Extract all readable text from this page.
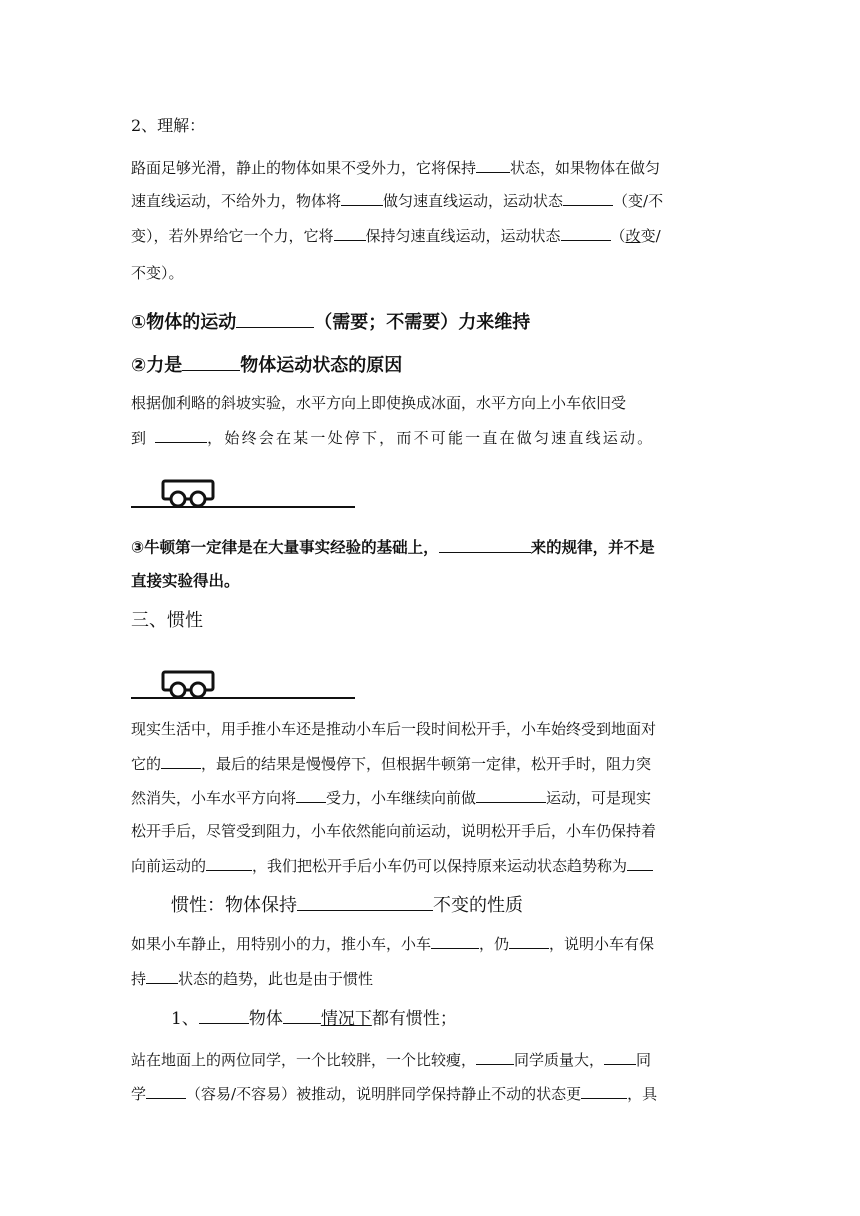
2、理解：
路面足够光滑，静止的物体如果不受外力，它将保持 状态，如果物体在做匀
速直线运动，不给外力，物体将	做匀速直线运动，运动状态	（变/不
变），若外界给它一个力，它将 保持匀速直线运动，运动状态	（改变/
不变）。
①物体的运动	（需要；不需要）力来维持
②力是	物体运动状态的原因
根据伽利略的斜坡实验，水平方向上即使换成冰面，水平方向上小车依旧受
到	，始终会在某一处停下，而不可能一直在做匀速直线运动。
③牛顿第一定律是在大量事实经验的基础上，	来的规律，并不是
直接实验得出。
三、惯性
现实生活中，用手推小车还是推动小车后一段时间松开手，小车始终受到地面对
它的	，最后的结果是慢慢停下，但根据牛顿第一定律，松开手时，阻力突
然消失，小车水平方向将 受力，小车继续向前做	运动，可是现实
松开手后，尽管受到阻力，小车依然能向前运动，说明松开手后，小车仍保持着
向前运动的	，我们把松开手后小车仍可以保持原来运动状态趋势称为
惯性：物体保持	不变的性质
如果小车静止，用特别小的力，推小车，小车	，仍	，说明小车有保
持 状态的趋势，此也是由于惯性
1、	物体 情况下都有惯性；
站在地面上的两位同学，一个比较胖，一个比较瘦，	同学质量大， 同
学	（容易/不容易）被推动，说明胖同学保持静止不动的状态更	，具
